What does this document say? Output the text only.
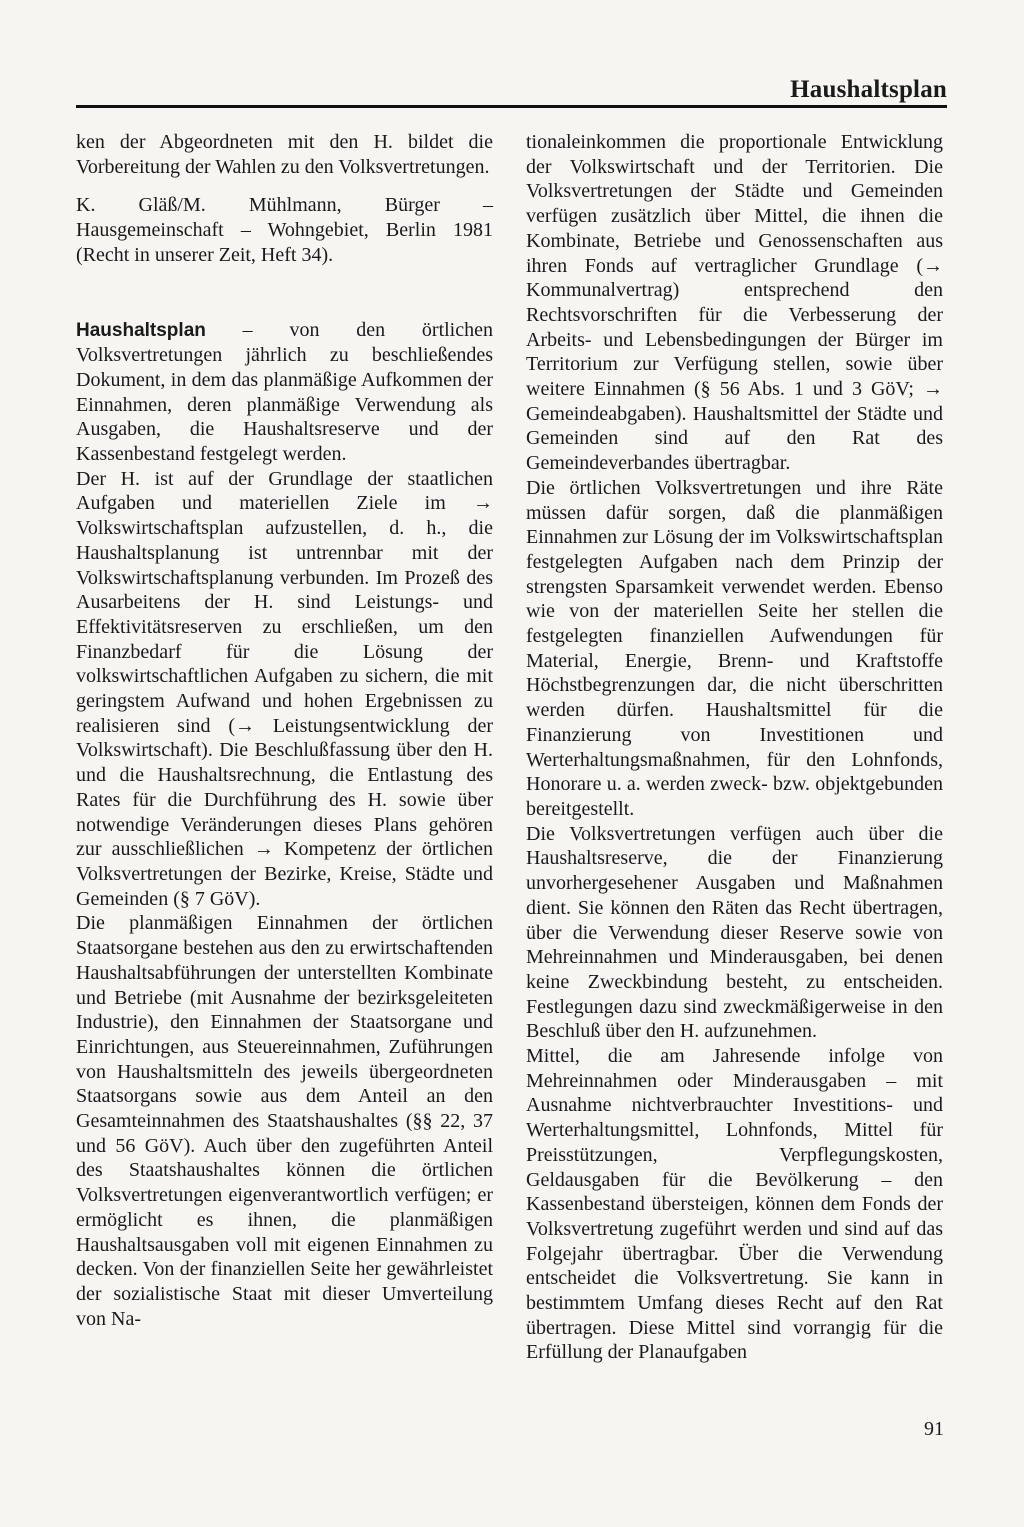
Haushaltsplan

ken der Abgeordneten mit den H. bildet die Vorbereitung der Wahlen zu den Volksvertretungen.

K. Gläß/M. Mühlmann, Bürger – Hausgemeinschaft – Wohngebiet, Berlin 1981 (Recht in unserer Zeit, Heft 34).

Haushaltsplan – von den örtlichen Volksvertretungen jährlich zu beschließendes Dokument, in dem das planmäßige Aufkommen der Einnahmen, deren planmäßige Verwendung als Ausgaben, die Haushaltsreserve und der Kassenbestand festgelegt werden.

Der H. ist auf der Grundlage der staatlichen Aufgaben und materiellen Ziele im → Volkswirtschaftsplan aufzustellen, d. h., die Haushaltsplanung ist untrennbar mit der Volkswirtschaftsplanung verbunden. Im Prozeß des Ausarbeitens der H. sind Leistungs- und Effektivitätsreserven zu erschließen, um den Finanzbedarf für die Lösung der volkswirtschaftlichen Aufgaben zu sichern, die mit geringstem Aufwand und hohen Ergebnissen zu realisieren sind (→ Leistungsentwicklung der Volkswirtschaft). Die Beschlußfassung über den H. und die Haushaltsrechnung, die Entlastung des Rates für die Durchführung des H. sowie über notwendige Veränderungen dieses Plans gehören zur ausschließlichen → Kompetenz der örtlichen Volksvertretungen der Bezirke, Kreise, Städte und Gemeinden (§ 7 GöV).

Die planmäßigen Einnahmen der örtlichen Staatsorgane bestehen aus den zu erwirtschaftenden Haushaltsabführungen der unterstellten Kombinate und Betriebe (mit Ausnahme der bezirksgeleiteten Industrie), den Einnahmen der Staatsorgane und Einrichtungen, aus Steuereinnahmen, Zuführungen von Haushaltsmitteln des jeweils übergeordneten Staatsorgans sowie aus dem Anteil an den Gesamteinnahmen des Staatshaushaltes (§§ 22, 37 und 56 GöV). Auch über den zugeführten Anteil des Staatshaushaltes können die örtlichen Volksvertretungen eigenverantwortlich verfügen; er ermöglicht es ihnen, die planmäßigen Haushaltsausgaben voll mit eigenen Einnahmen zu decken. Von der finanziellen Seite her gewährleistet der sozialistische Staat mit dieser Umverteilung von Na-

tionaleinkommen die proportionale Entwicklung der Volkswirtschaft und der Territorien. Die Volksvertretungen der Städte und Gemeinden verfügen zusätzlich über Mittel, die ihnen die Kombinate, Betriebe und Genossenschaften aus ihren Fonds auf vertraglicher Grundlage (→ Kommunalvertrag) entsprechend den Rechtsvorschriften für die Verbesserung der Arbeits- und Lebensbedingungen der Bürger im Territorium zur Verfügung stellen, sowie über weitere Einnahmen (§ 56 Abs. 1 und 3 GöV; → Gemeindeabgaben). Haushaltsmittel der Städte und Gemeinden sind auf den Rat des Gemeindeverbandes übertragbar.

Die örtlichen Volksvertretungen und ihre Räte müssen dafür sorgen, daß die planmäßigen Einnahmen zur Lösung der im Volkswirtschaftsplan festgelegten Aufgaben nach dem Prinzip der strengsten Sparsamkeit verwendet werden. Ebenso wie von der materiellen Seite her stellen die festgelegten finanziellen Aufwendungen für Material, Energie, Brenn- und Kraftstoffe Höchstbegrenzungen dar, die nicht überschritten werden dürfen. Haushaltsmittel für die Finanzierung von Investitionen und Werterhaltungsmaßnahmen, für den Lohnfonds, Honorare u. a. werden zweck- bzw. objektgebunden bereitgestellt.

Die Volksvertretungen verfügen auch über die Haushaltsreserve, die der Finanzierung unvorhergesehener Ausgaben und Maßnahmen dient. Sie können den Räten das Recht übertragen, über die Verwendung dieser Reserve sowie von Mehreinnahmen und Minderausgaben, bei denen keine Zweckbindung besteht, zu entscheiden. Festlegungen dazu sind zweckmäßigerweise in den Beschluß über den H. aufzunehmen.

Mittel, die am Jahresende infolge von Mehreinnahmen oder Minderausgaben – mit Ausnahme nichtverbrauchter Investitions- und Werterhaltungsmittel, Lohnfonds, Mittel für Preisstützungen, Verpflegungskosten, Geldausgaben für die Bevölkerung – den Kassenbestand übersteigen, können dem Fonds der Volksvertretung zugeführt werden und sind auf das Folgejahr übertragbar. Über die Verwendung entscheidet die Volksvertretung. Sie kann in bestimmtem Umfang dieses Recht auf den Rat übertragen. Diese Mittel sind vorrangig für die Erfüllung der Planaufgaben

91
